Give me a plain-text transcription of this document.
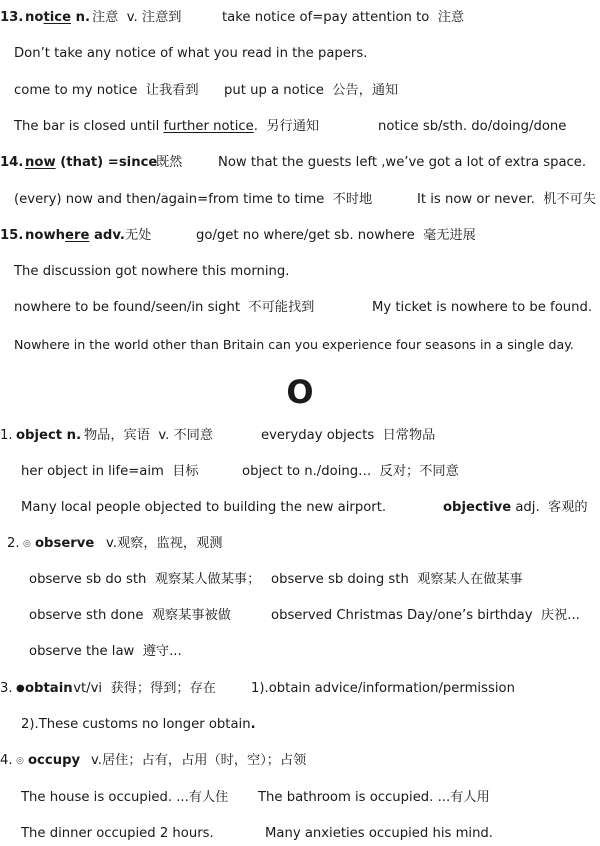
13. notice n. 注意  v. 注意到	take notice of=pay attention to  注意
Don’t take any notice of what you read in the papers.
come to my notice  让我看到 put up a notice  公告，通知
The bar is closed until further notice.  另行通知	notice sb/sth. do/doing/done
14. now (that) =since
既然	Now that the guests left ,we’ve got a lot of extra space.
(every) now and then/again=from time to time  不时地	It is now or never.  机不可失
15. nowhere adv. 无处	go/get no where/get sb. nowhere  毫无进展
The discussion got nowhere this morning.
nowhere to be found/seen/in sight  不可能找到	My ticket is nowhere to be found.
Nowhere in the world other than Britain can you experience four seasons in a single day.
O
1. object n. 物品，宾语  v. 不同意	everyday objects  日常物品
her object in life=aim  目标	object to n./doing…  反对；不同意
Many local people objected to building the new airport.	objective adj.  客观的
2. ◎ observe v.观察，监视，观测
observe sb do sth  观察某人做某事； observe sb doing sth  观察某人在做某事
observe sth done  观察某事被做	observed Christmas Day/one’s birthday  庆祝...
observe the law  遵守...
3. ● obtain
vt/vi  获得；得到；存在	1).obtain advice/information/permission
2).These customs no longer obtain.
4. ◎ occupy v.居住；占有，占用（时，空）；占领
The house is occupied. ...有人住 The bathroom is occupied. ...有人用
The dinner occupied 2 hours.	Many anxieties occupied his mind.
